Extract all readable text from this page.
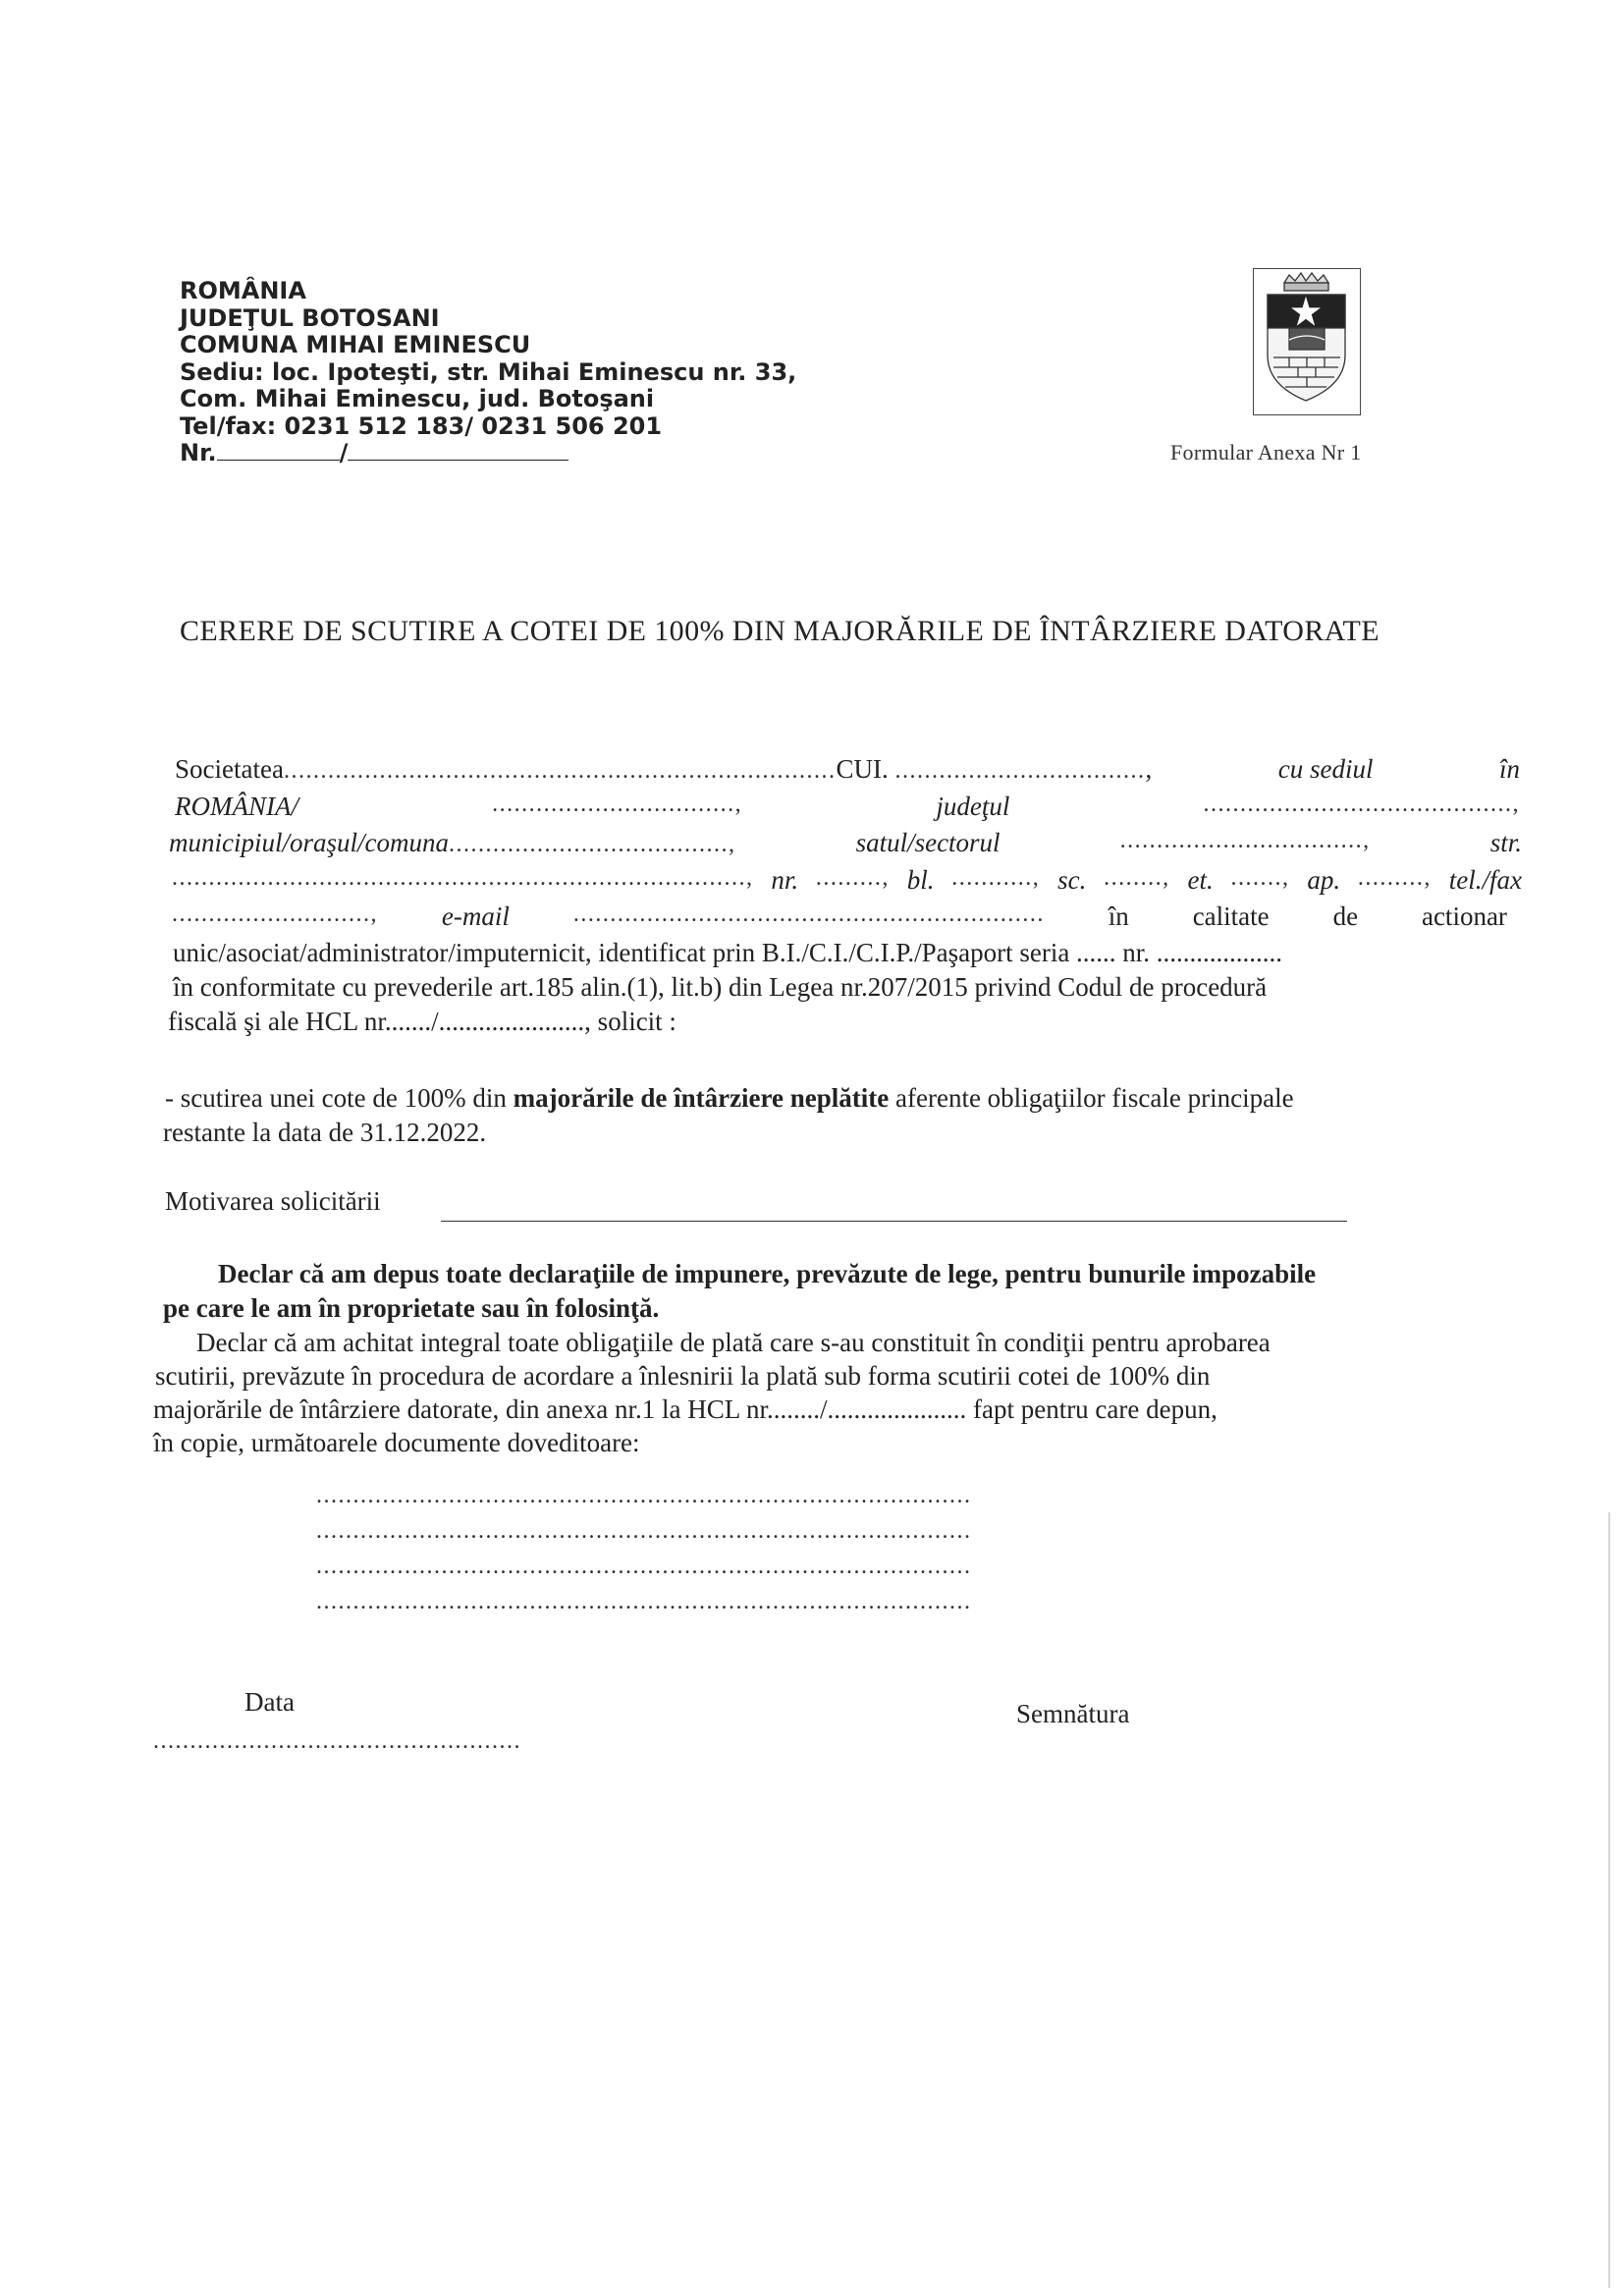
ROMÂNIA
JUDEŢUL BOTOSANI
COMUNA MIHAI EMINESCU
Sediu: loc. Ipoteşti, str. Mihai Eminescu nr. 33,
Com. Mihai Eminescu, jud. Botoşani
Tel/fax: 0231 512 183/ 0231 506 201
Nr.	/	Formular Anexa Nr 1
CERERE DE SCUTIRE A COTEI DE 100% DIN MAJORĂRILE DE ÎNTÂRZIERE DATORATE
Societatea...........................................................................CUI. ..................................,	cu sediul	în
ROMÂNIA/	.................................,	judeţul	..........................................,
municipiul/oraşul/comuna......................................,	satul/sectorul	.................................,	str.
.............................................................................., nr. ........., bl. ..........., sc. ........, et. ......., ap. ........., tel./fax
..........................., e-mail	................................................................ în calitate de actionar
unic/asociat/administrator/imputernicit, identificat prin B.I./C.I./C.I.P./Paşaport seria ...... nr. ...................
în conformitate cu prevederile art.185 alin.(1), lit.b) din Legea nr.207/2015 privind Codul de procedură
fiscală şi ale HCL nr......./......................, solicit :
- scutirea unei cote de 100% din majorările de întârziere neplătite aferente obligaţiilor fiscale principale
restante la data de 31.12.2022.
Motivarea solicitării
Declar că am depus toate declaraţiile de impunere, prevăzute de lege, pentru bunurile impozabile
pe care le am în proprietate sau în folosinţă.
Declar că am achitat integral toate obligaţiile de plată care s-au constituit în condiţii pentru aprobarea
scutirii, prevăzute în procedura de acordare a înlesnirii la plată sub forma scutirii cotei de 100% din
majorările de întârziere datorate, din anexa nr.1 la HCL nr......../..................... fapt pentru care depun,
în copie, următoarele documente doveditoare:
.........................................................................................
.........................................................................................
.........................................................................................
.........................................................................................
Data
..................................................
Semnătura
